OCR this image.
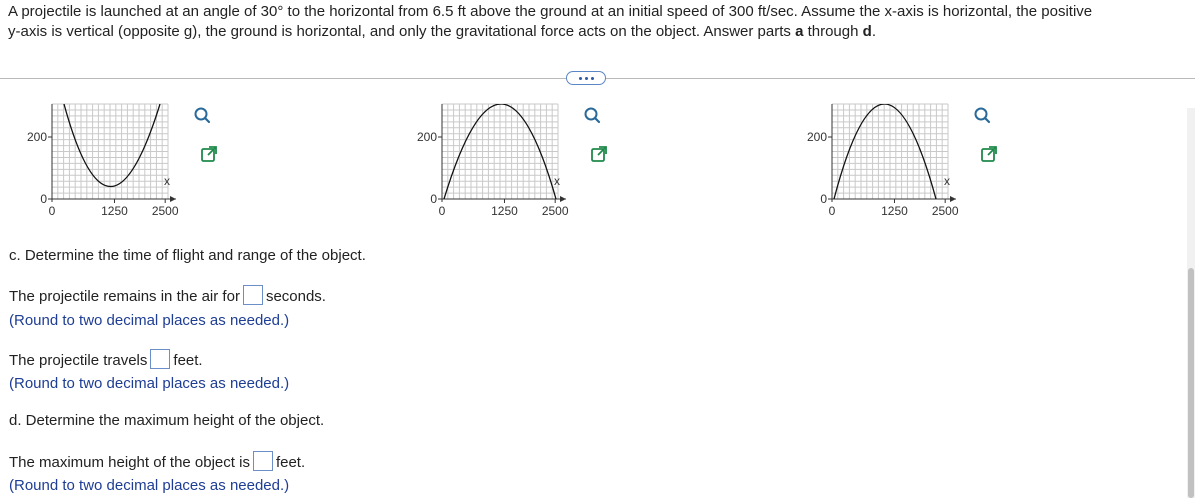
A projectile is launched at an angle of 30° to the horizontal from 6.5 ft above the ground at an initial speed of 300 ft/sec. Assume the x-axis is horizontal, the positive
y-axis is vertical (opposite g), the ground is horizontal, and only the gravitational force acts on the object. Answer parts a through d.
200
0
0	1250 2500
x
200
0
0	1250 2500
x
200
0
0	1250 2500
x
c. Determine the time of flight and range of the object.
The projectile remains in the air for seconds.
(Round to two decimal places as needed.)
The projectile travels feet.
(Round to two decimal places as needed.)
d. Determine the maximum height of the object.
The maximum height of the object is feet.
(Round to two decimal places as needed.)
